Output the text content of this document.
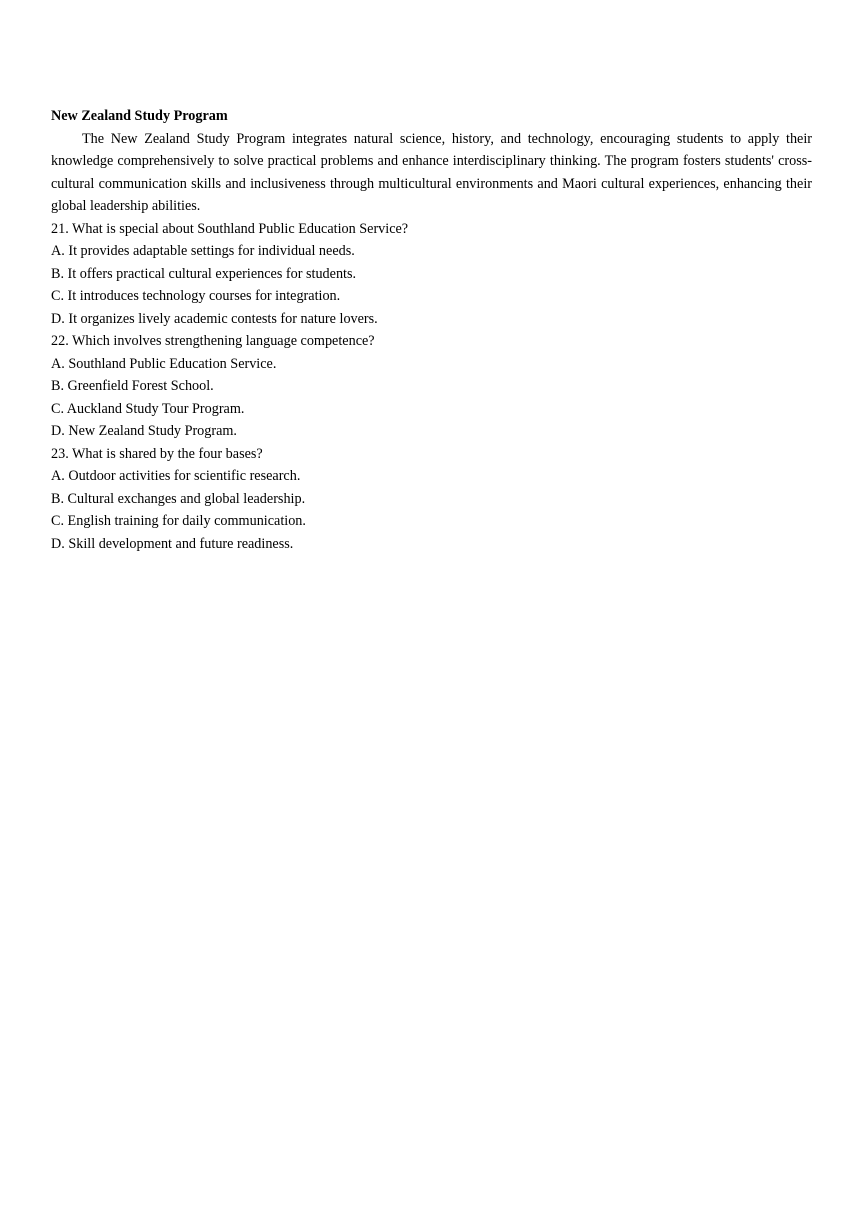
New Zealand Study Program

The New Zealand Study Program integrates natural science, history, and technology, encouraging students to apply their knowledge comprehensively to solve practical problems and enhance interdisciplinary thinking. The program fosters students' cross-cultural communication skills and inclusiveness through multicultural environments and Maori cultural experiences, enhancing their global leadership abilities.

21. What is special about Southland Public Education Service?

A. It provides adaptable settings for individual needs.

B. It offers practical cultural experiences for students.

C. It introduces technology courses for integration.

D. It organizes lively academic contests for nature lovers.

22. Which involves strengthening language competence?

A. Southland Public Education Service.

B. Greenfield Forest School.

C. Auckland Study Tour Program.

D. New Zealand Study Program.

23. What is shared by the four bases?

A. Outdoor activities for scientific research.

B. Cultural exchanges and global leadership.

C. English training for daily communication.

D. Skill development and future readiness.
